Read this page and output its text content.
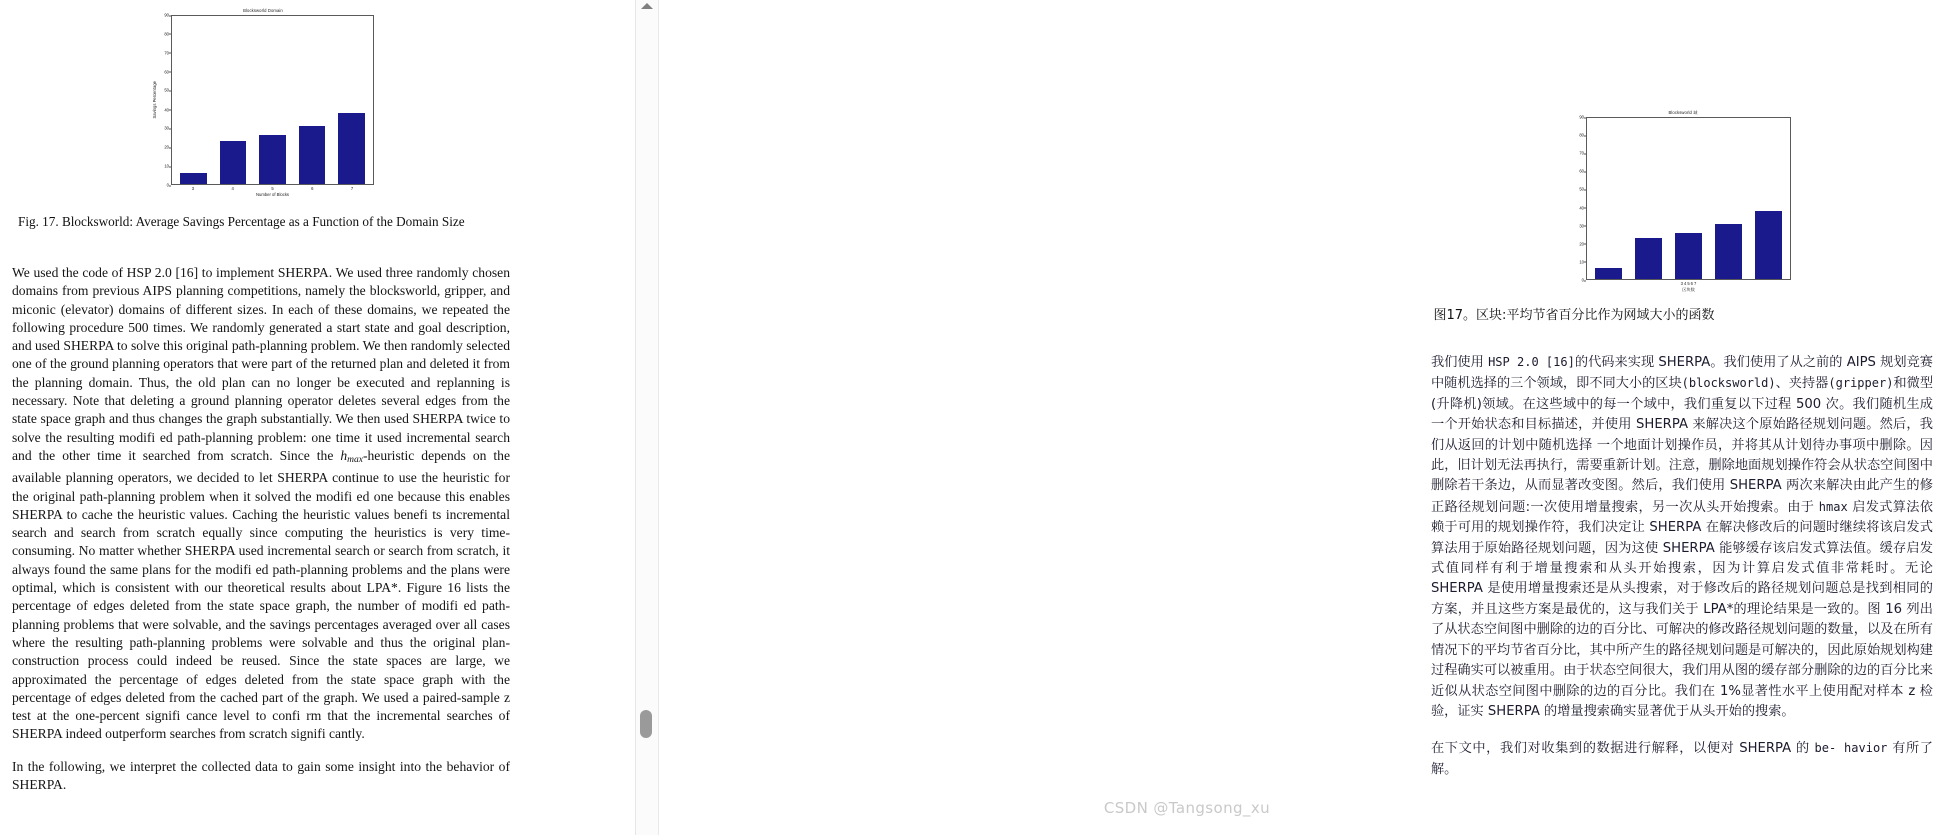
Blocksworld Domain
Savings Percentage
90
80
70
60
50
40
30
20
10
0
3	4	5	6	7
Number of Blocks
Fig. 17. Blocksworld: Average Savings Percentage as a Function of the Domain Size

We used the code of HSP 2.0 [16] to implement SHERPA. We used three randomly chosen domains from previous AIPS planning competitions, namely the blocksworld, gripper, and miconic (elevator) domains of different sizes. In each of these domains, we repeated the following procedure 500 times. We randomly generated a start state and goal description, and used SHERPA to solve this original path-planning problem. We then randomly selected one of the ground planning operators that were part of the returned plan and deleted it from the planning domain. Thus, the old plan can no longer be executed and replanning is necessary. Note that deleting a ground planning operator deletes several edges from the state space graph and thus changes the graph substantially. We then used SHERPA twice to solve the resulting modifi ed path-planning problem: one time it used incremental search and the other time it searched from scratch. Since the $h_{max}$-heuristic depends on the available planning operators, we decided to let SHERPA continue to use the heuristic for the original path-planning problem when it solved the modifi ed one because this enables SHERPA to cache the heuristic values. Caching the heuristic values benefi ts incremental search and search from scratch equally since computing the heuristics is very time-consuming. No matter whether SHERPA used incremental search or search from scratch, it always found the same plans for the modifi ed path-planning problems and the plans were optimal, which is consistent with our theoretical results about LPA*. Figure 16 lists the percentage of edges deleted from the state space graph, the number of modifi ed path-planning problems that were solvable, and the savings percentages averaged over all cases where the resulting path-planning problems were solvable and thus the original plan-construction process could indeed be reused. Since the state spaces are large, we approximated the percentage of edges deleted from the state space graph with the percentage of edges deleted from the cached part of the graph. We used a paired-sample z test at the one-percent signifi cance level to confi rm that the incremental searches of SHERPA indeed outperform searches from scratch signifi cantly.

In the following, we interpret the collected data to gain some insight into the behavior of SHERPA.

Blocksworld 域
90
80
70
60
50
40
30
20
10
0
3 4 5 6 7
区块数
图17。区块:平均节省百分比作为网域大小的函数

我们使用 HSP 2.0 [16]的代码来实现 SHERPA。我们使用了从之前的 AIPS 规划竞赛中随机选择的三个领域，即不同大小的区块(blocksworld)、夹持器(gripper)和微型(升降机)领域。在这些域中的每一个域中，我们重复以下过程 500 次。我们随机生成一个开始状态和目标描述，并使用 SHERPA 来解决这个原始路径规划问题。然后，我们从返回的计划中随机选择 一个地面计划操作员，并将其从计划待办事项中删除。因此，旧计划无法再执行，需要重新计划。注意，删除地面规划操作符会从状态空间图中删除若干条边，从而显著改变图。然后，我们使用 SHERPA 两次来解决由此产生的修正路径规划问题:一次使用增量搜索，另一次从头开始搜索。由于 hmax 启发式算法依赖于可用的规划操作符，我们决定让 SHERPA 在解决修改后的问题时继续将该启发式算法用于原始路径规划问题，因为这使 SHERPA 能够缓存该启发式算法值。缓存启发式值同样有利于增量搜索和从头开始搜索，因为计算启发式值非常耗时。无论 SHERPA 是使用增量搜索还是从头搜索，对于修改后的路径规划问题总是找到相同的方案，并且这些方案是最优的，这与我们关于 LPA*的理论结果是一致的。图 16 列出了从状态空间图中删除的边的百分比、可解决的修改路径规划问题的数量，以及在所有情况下的平均节省百分比，其中所产生的路径规划问题是可解决的，因此原始规划构建过程确实可以被重用。由于状态空间很大，我们用从图的缓存部分删除的边的百分比来近似从状态空间图中删除的边的百分比。我们在 1%显著性水平上使用配对样本 z 检验，证实 SHERPA 的增量搜索确实显著优于从头开始的搜索。

在下文中，我们对收集到的数据进行解释，以便对 SHERPA 的 be- havior 有所了解。

CSDN @Tangsong_xu
